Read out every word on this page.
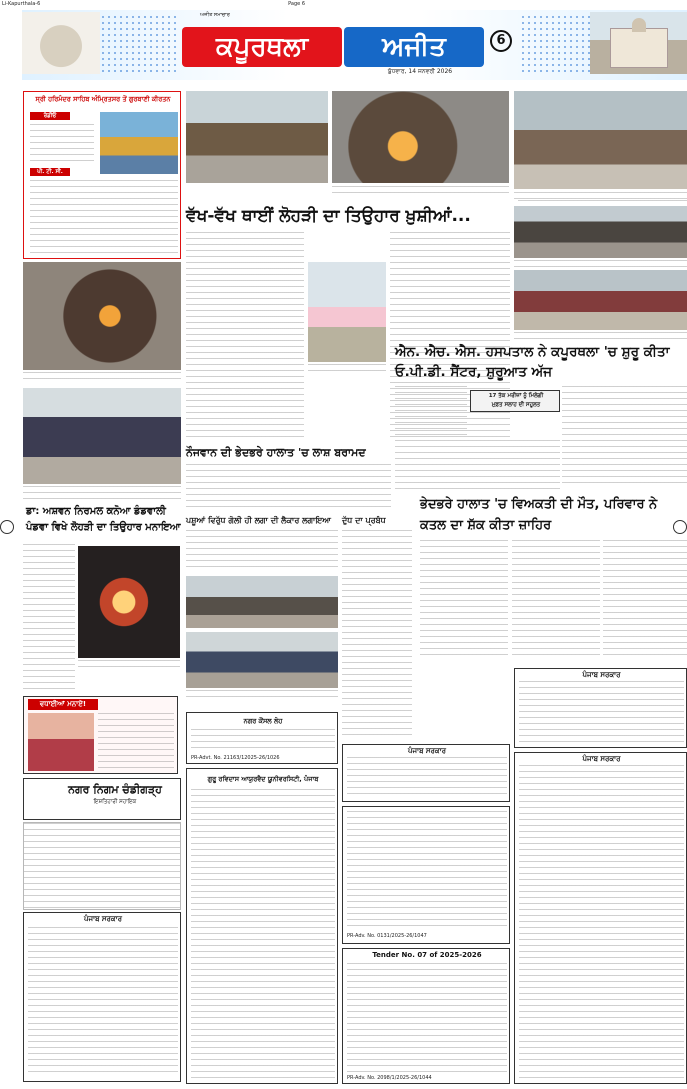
Li-Kapurthala-6	Page 6
ਅਜੀਤ ਸਮਾਚਾਰ
ਕਪੂਰਥਲਾ	ਅਜੀਤ	6
ਬੁੱਧਵਾਰ, 14 ਜਨਵਰੀ 2026
ਸ੍ਰੀ ਹਰਿਮੰਦਰ ਸਾਹਿਬ ਅੰਮ੍ਰਿਤਸਰ ਤੋਂ ਗੁਰਬਾਣੀ ਕੀਰਤਨ
ਰੇਡੀਓ
ਪੀ. ਟੀ. ਸੀ.
ਵੱਖ-ਵੱਖ ਥਾਈਂ ਲੋਹੜੀ ਦਾ ਤਿਉਹਾਰ ਖ਼ੁਸ਼ੀਆਂ...
ਐਨ. ਐਚ. ਐਸ. ਹਸਪਤਾਲ ਨੇ ਕਪੂਰਥਲਾ 'ਚ ਸ਼ੁਰੂ ਕੀਤਾ ਓ.ਪੀ.ਡੀ. ਸੈਂਟਰ, ਸ਼ੁਰੂਆਤ ਅੱਜ
17 ਤੱਕ ਮਰੀਜ਼ਾਂ ਨੂੰ ਮਿਲੇਗੀ
ਮੁਫ਼ਤ ਸਲਾਹ ਦੀ ਸਹੂਲਤ
ਨੌਜਵਾਨ ਦੀ ਭੇਦਭਰੇ ਹਾਲਾਤ 'ਚ ਲਾਸ਼ ਬਰਾਮਦ
ਡਾ: ਅਸ਼ਵਨ ਨਿਰਮਲ ਕਨੋਆ ਡੰਡਵਾਲੀ ਪੰਡਵਾ ਵਿਖੇ ਲੋਹੜੀ ਦਾ ਤਿਉਹਾਰ ਮਨਾਇਆ
ਭੇਦਭਰੇ ਹਾਲਾਤ 'ਚ ਵਿਅਕਤੀ ਦੀ ਮੌਤ, ਪਰਿਵਾਰ ਨੇ ਕਤਲ ਦਾ ਸ਼ੱਕ ਕੀਤਾ ਜ਼ਾਹਿਰ
ਪਸ਼ੂਆਂ ਵਿਰੁੱਧ ਗੋਲੀ ਹੀ ਲਗਾ ਦੀ ਲੈਕਾਰ ਲਗਾਇਆ ਦੁੱਧ ਦਾ ਪ੍ਰਬੰਧ
ਵਧਾਈਆਂ ਮਨਾਏ!
ਨਗਰ ਨਿਗਮ ਚੰਡੀਗੜ੍ਹ
ਇਸ਼ਤਿਹਾਰੀ ਸਹਾਇਕ
ਪੰਜਾਬ ਸਰਕਾਰ
ਨਗਰ ਕੌਂਸਲ ਲੋਹ
PR-Advt. No. 21163/12025-26/1026
ਗੁਰੂ ਰਵਿਦਾਸ ਆਯੁਰਵੈਦ ਯੂਨੀਵਰਸਿਟੀ, ਪੰਜਾਬ
ਪੰਜਾਬ ਸਰਕਾਰ
PR-Adv. No. 0131/2025-26/1047
Tender No. 07 of 2025-2026
PR-Adv. No. 2098/1/2025-26/1044
ਪੰਜਾਬ ਸਰਕਾਰ
ਪੰਜਾਬ ਸਰਕਾਰ
